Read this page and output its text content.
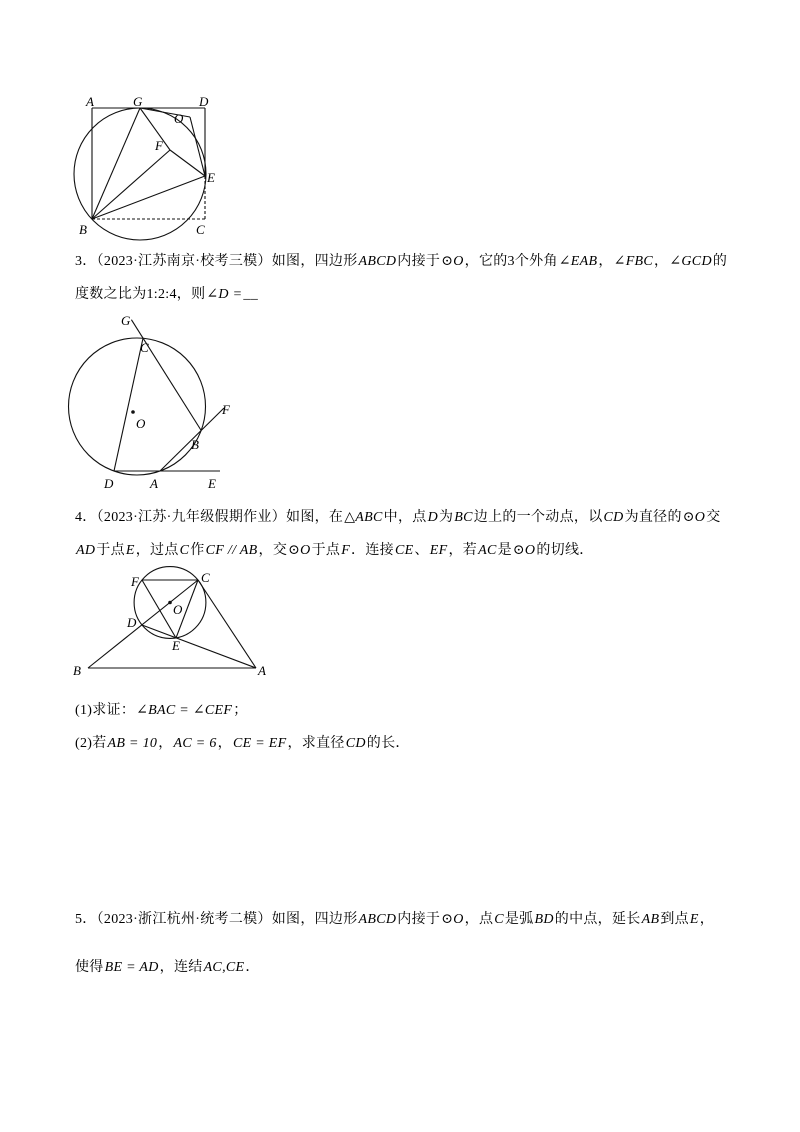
A	G	D
O
F
E
B	C
3．（2023·江苏南京·校考三模）如图，四边形ABCD内接于⊙O，它的3个外角∠EAB，∠FBC，∠GCD的
度数之比为1:2:4，则∠D =__
G
C
O
F
B
D	A	E
4．（2023·江苏·九年级假期作业）如图，在△ABC中，点D为BC边上的一个动点，以CD为直径的⊙O交
AD于点E，过点C作CF // AB，交⊙O于点F．连接CE、EF，若AC是⊙O的切线．
F	C
O
D
E
B	A
(1)求证：∠BAC = ∠CEF；
(2)若AB = 10，AC = 6，CE = EF，求直径CD的长．
5．（2023·浙江杭州·统考二模）如图，四边形ABCD内接于⊙O，点C是弧BD的中点，延长AB到点E，
使得BE = AD，连结AC,CE．
